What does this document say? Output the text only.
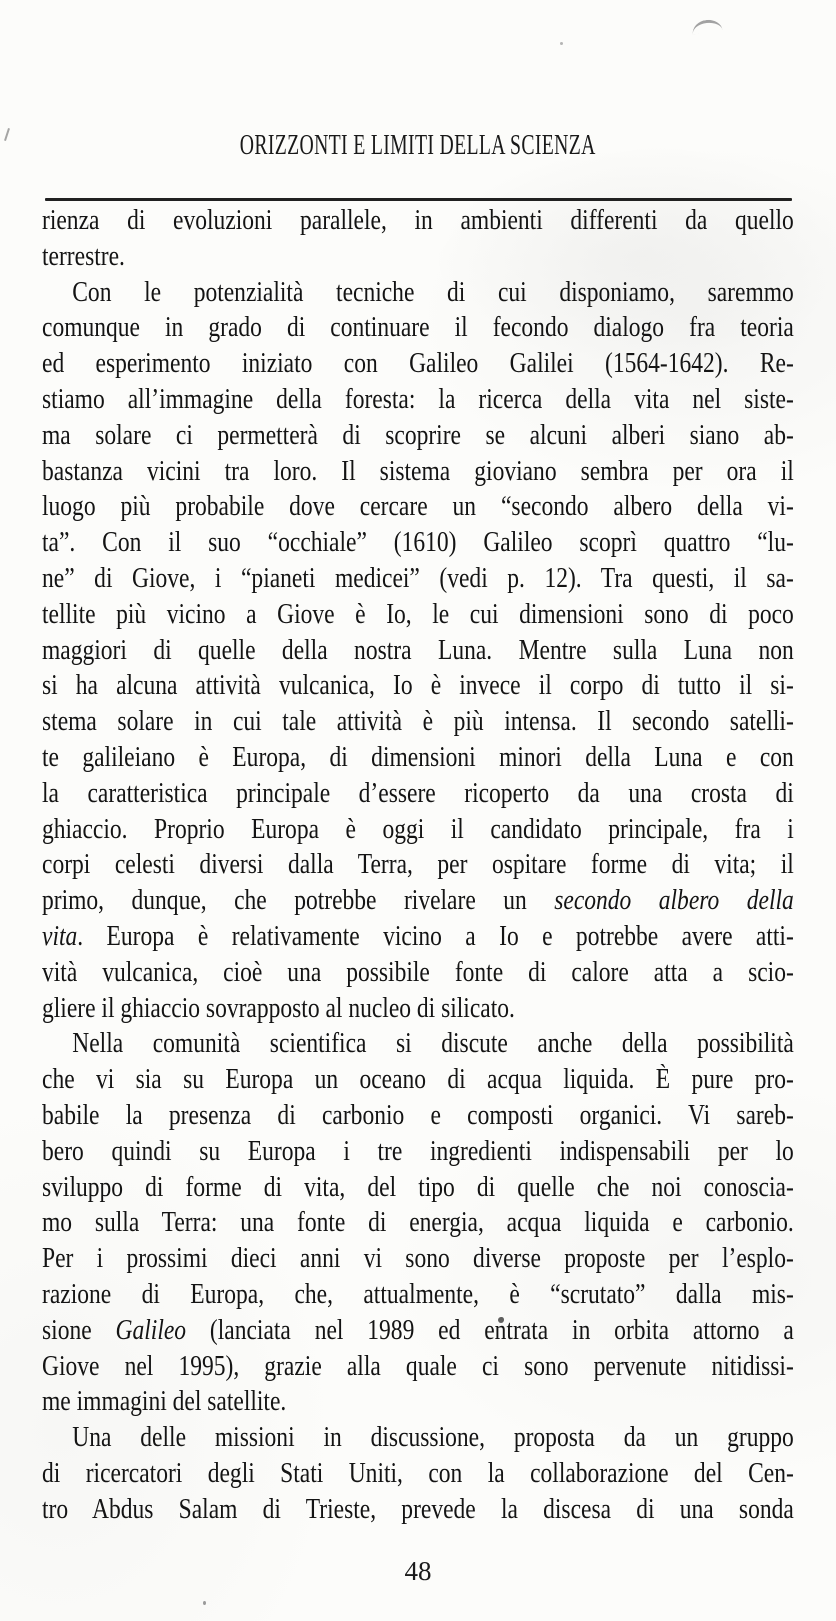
ORIZZONTI E LIMITI DELLA SCIENZA
rienza di evoluzioni parallele, in ambienti differenti da quello
terrestre.
Con le potenzialità tecniche di cui disponiamo, saremmo
comunque in grado di continuare il fecondo dialogo fra teoria
ed esperimento iniziato con Galileo Galilei (1564-1642). Re-
stiamo all’immagine della foresta: la ricerca della vita nel siste-
ma solare ci permetterà di scoprire se alcuni alberi siano ab-
bastanza vicini tra loro. Il sistema gioviano sembra per ora il
luogo più probabile dove cercare un “secondo albero della vi-
ta”. Con il suo “occhiale” (1610) Galileo scoprì quattro “lu-
ne” di Giove, i “pianeti medicei” (vedi p. 12). Tra questi, il sa-
tellite più vicino a Giove è Io, le cui dimensioni sono di poco
maggiori di quelle della nostra Luna. Mentre sulla Luna non
si ha alcuna attività vulcanica, Io è invece il corpo di tutto il si-
stema solare in cui tale attività è più intensa. Il secondo satelli-
te galileiano è Europa, di dimensioni minori della Luna e con
la caratteristica principale d’essere ricoperto da una crosta di
ghiaccio. Proprio Europa è oggi il candidato principale, fra i
corpi celesti diversi dalla Terra, per ospitare forme di vita; il
primo, dunque, che potrebbe rivelare un secondo albero della
vita. Europa è relativamente vicino a Io e potrebbe avere atti-
vità vulcanica, cioè una possibile fonte di calore atta a scio-
gliere il ghiaccio sovrapposto al nucleo di silicato.
Nella comunità scientifica si discute anche della possibilità
che vi sia su Europa un oceano di acqua liquida. È pure pro-
babile la presenza di carbonio e composti organici. Vi sareb-
bero quindi su Europa i tre ingredienti indispensabili per lo
sviluppo di forme di vita, del tipo di quelle che noi conoscia-
mo sulla Terra: una fonte di energia, acqua liquida e carbonio.
Per i prossimi dieci anni vi sono diverse proposte per l’esplo-
razione di Europa, che, attualmente, è “scrutato” dalla mis-
sione Galileo (lanciata nel 1989 ed entrata in orbita attorno a
Giove nel 1995), grazie alla quale ci sono pervenute nitidissi-
me immagini del satellite.
Una delle missioni in discussione, proposta da un gruppo
di ricercatori degli Stati Uniti, con la collaborazione del Cen-
tro Abdus Salam di Trieste, prevede la discesa di una sonda
48
